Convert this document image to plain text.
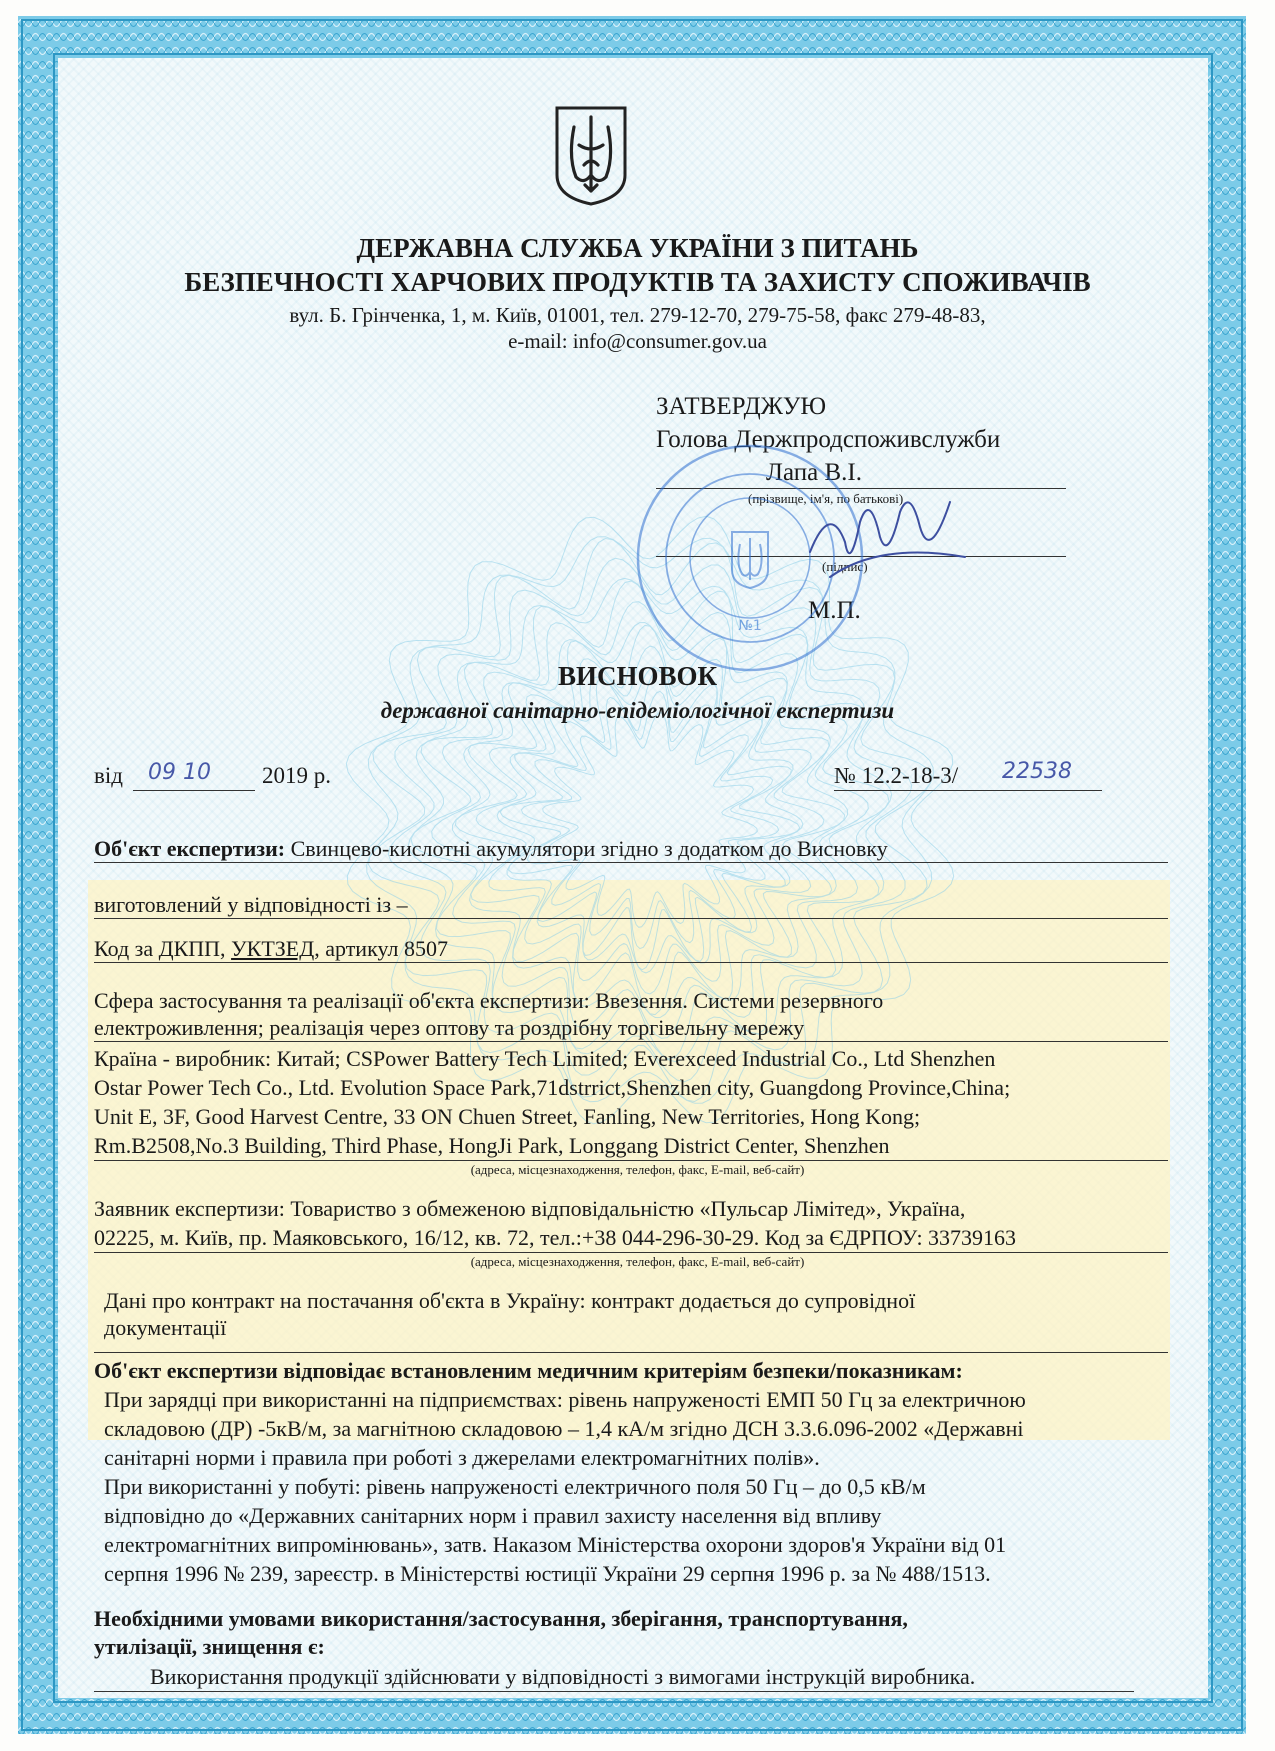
ДЕРЖАВНА СЛУЖБА УКРАЇНИ З ПИТАНЬ
БЕЗПЕЧНОСТІ ХАРЧОВИХ ПРОДУКТІВ ТА ЗАХИСТУ СПОЖИВАЧІВ
вул. Б. Грінченка, 1, м. Київ, 01001, тел. 279-12-70, 279-75-58, факс 279-48-83,
e-mail: info@consumer.gov.ua
ЗАТВЕРДЖУЮ
Голова Держпродспоживслужби
Лапа В.І.
(прізвище, ім'я, по батькові)
(підпис)
М.П.
№1
ВИСНОВОК
державної санітарно-епідеміологічної експертизи
від 09 10 2019 р.	№ 12.2-18-3/ 22538
Об'єкт експертизи: Свинцево-кислотні акумулятори згідно з додатком до Висновку
виготовлений у відповідності із –
Код за ДКПП, УКТЗЕД, артикул 8507
Сфера застосування та реалізації об'єкта експертизи: Ввезення. Системи резервного
електроживлення; реалізація через оптову та роздрібну торгівельну мережу
Країна - виробник: Китай; CSPower Battery Tech Limited; Everexceed Industrial Co., Ltd Shenzhen
Ostar Power Tech Co., Ltd. Evolution Space Park,71dstrrict,Shenzhen city, Guangdong Province,China;
Unit E, 3F, Good Harvest Centre, 33 ON Chuen Street, Fanling, New Territories, Hong Kong;
Rm.B2508,No.3 Building, Third Phase, HongJi Park, Longgang District Center, Shenzhen
(адреса, місцезнаходження, телефон, факс, E-mail, веб-сайт)
Заявник експертизи: Товариство з обмеженою відповідальністю «Пульсар Лімітед», Україна,
02225, м. Київ, пр. Маяковського, 16/12, кв. 72, тел.:+38 044-296-30-29. Код за ЄДРПОУ: 33739163
(адреса, місцезнаходження, телефон, факс, E-mail, веб-сайт)
Дані про контракт на постачання об'єкта в Україну: контракт додається до супровідної
документації
Об'єкт експертизи відповідає встановленим медичним критеріям безпеки/показникам:
При зарядці при використанні на підприємствах: рівень напруженості ЕМП 50 Гц за електричною
складовою (ДР) -5кВ/м, за магнітною складовою – 1,4 кА/м згідно ДСН 3.3.6.096-2002 «Державні
санітарні норми і правила при роботі з джерелами електромагнітних полів».
При використанні у побуті: рівень напруженості електричного поля 50 Гц – до 0,5 кВ/м
відповідно до «Державних санітарних норм і правил захисту населення від впливу
електромагнітних випромінювань», затв. Наказом Міністерства охорони здоров'я України від 01
серпня 1996 № 239, зареєстр. в Міністерстві юстиції України 29 серпня 1996 р. за № 488/1513.
Необхідними умовами використання/застосування, зберігання, транспортування,
утилізації, знищення є:
Використання продукції здійснювати у відповідності з вимогами інструкцій виробника.
